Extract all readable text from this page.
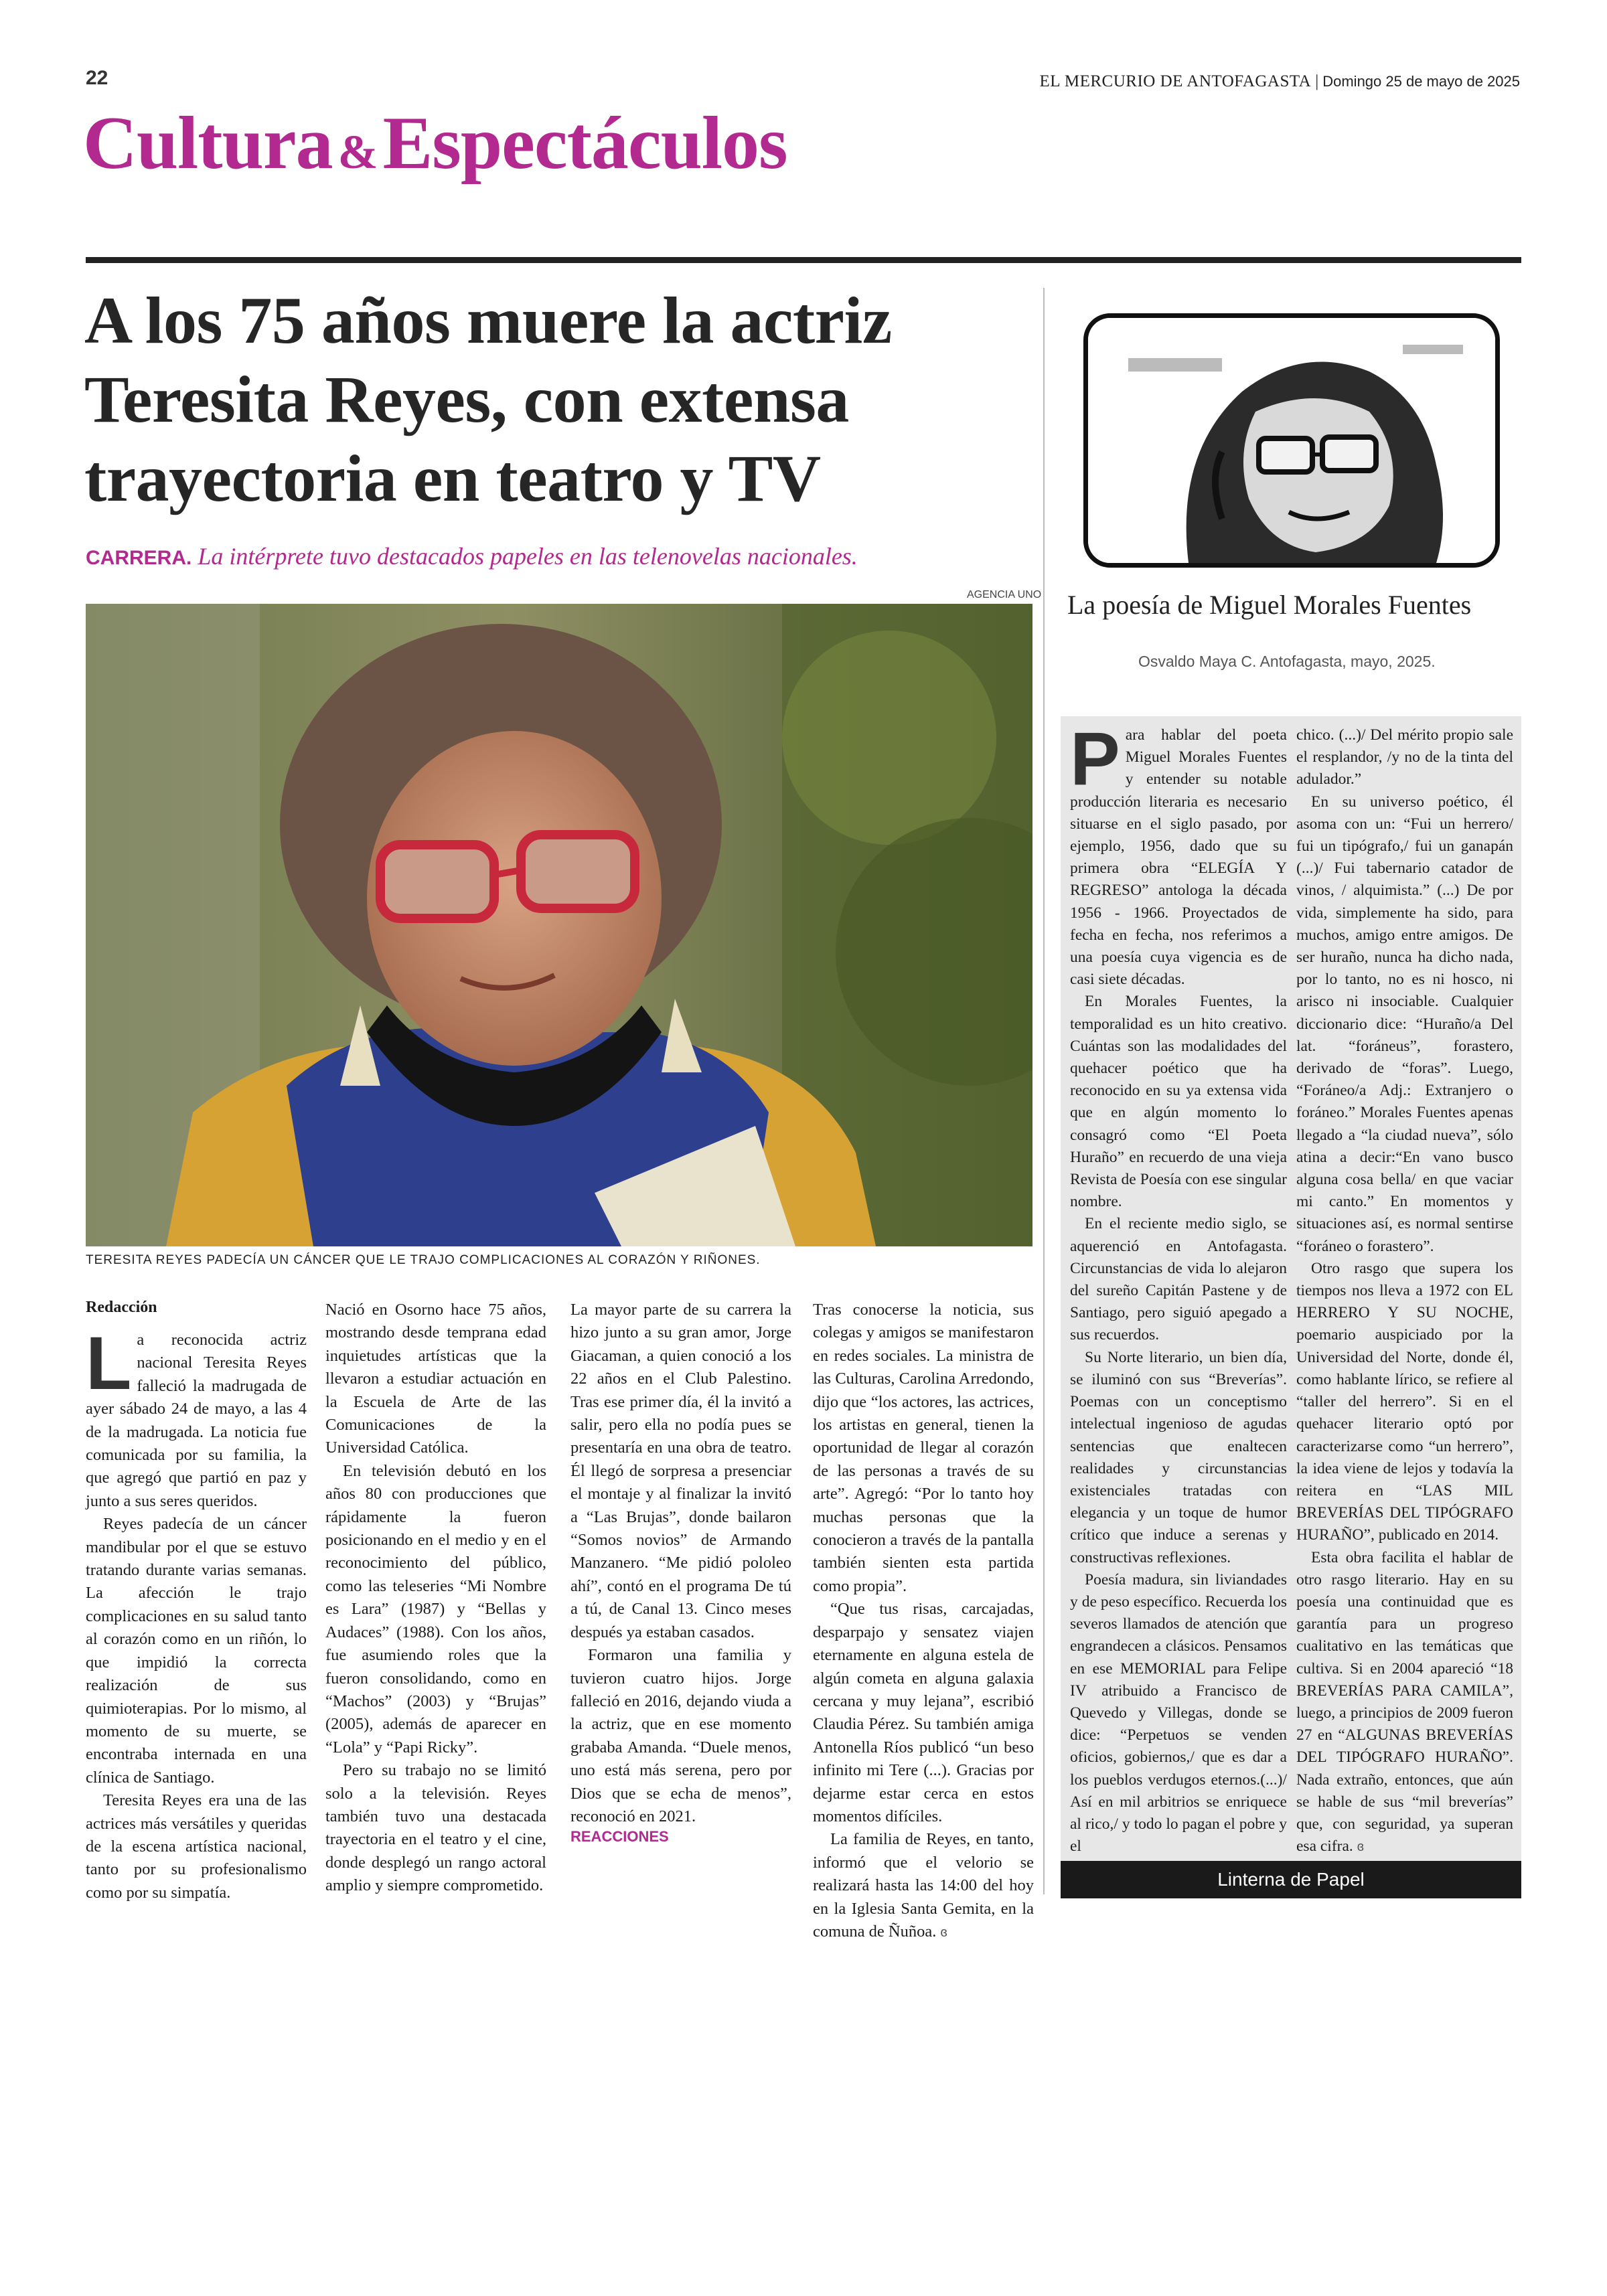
22	EL MERCURIO DE ANTOFAGASTA | Domingo 25 de mayo de 2025
Cultura &Espectáculos
A los 75 años muere la actriz Teresita Reyes, con extensa trayectoria en teatro y TV
CARRERA. La intérprete tuvo destacados papeles en las telenovelas nacionales.
AGENCIA UNO
TERESITA REYES PADECÍA UN CÁNCER QUE LE TRAJO COMPLICACIONES AL CORAZÓN Y RIÑONES.
Redacción

La reconocida actriz nacional Teresita Reyes falleció la madrugada de ayer sábado 24 de mayo, a las 4 de la madrugada. La noticia fue comunicada por su familia, la que agregó que partió en paz y junto a sus seres queridos.

Reyes padecía de un cáncer mandibular por el que se estuvo tratando durante varias semanas. La afección le trajo complicaciones en su salud tanto al corazón como en un riñón, lo que impidió la correcta realización de sus quimioterapias. Por lo mismo, al momento de su muerte, se encontraba internada en una clínica de Santiago.

Teresita Reyes era una de las actrices más versátiles y queridas de la escena artística nacional, tanto por su profesionalismo como por su simpatía.

Nació en Osorno hace 75 años, mostrando desde temprana edad inquietudes artísticas que la llevaron a estudiar actuación en la Escuela de Arte de las Comunicaciones de la Universidad Católica.

En televisión debutó en los años 80 con producciones que rápidamente la fueron posicionando en el medio y en el reconocimiento del público, como las teleseries “Mi Nombre es Lara” (1987) y “Bellas y Audaces” (1988). Con los años, fue asumiendo roles que la fueron consolidando, como en “Machos” (2003) y “Brujas” (2005), además de aparecer en “Lola” y “Papi Ricky”.

Pero su trabajo no se limitó solo a la televisión. Reyes también tuvo una destacada trayectoria en el teatro y el cine, donde desplegó un rango actoral amplio y siempre comprometido.

La mayor parte de su carrera la hizo junto a su gran amor, Jorge Giacaman, a quien conoció a los 22 años en el Club Palestino. Tras ese primer día, él la invitó a salir, pero ella no podía pues se presentaría en una obra de teatro. Él llegó de sorpresa a presenciar el montaje y al finalizar la invitó a “Las Brujas”, donde bailaron “Somos novios” de Armando Manzanero. “Me pidió pololeo ahí”, contó en el programa De tú a tú, de Canal 13. Cinco meses después ya estaban casados.

Formaron una familia y tuvieron cuatro hijos. Jorge falleció en 2016, dejando viuda a la actriz, que en ese momento grababa Amanda. “Duele menos, uno está más serena, pero por Dios que se echa de menos”, reconoció en 2021.

REACCIONES

Tras conocerse la noticia, sus colegas y amigos se manifestaron en redes sociales. La ministra de las Culturas, Carolina Arredondo, dijo que “los actores, las actrices, los artistas en general, tienen la oportunidad de llegar al corazón de las personas a través de su arte”. Agregó: “Por lo tanto hoy muchas personas que la conocieron a través de la pantalla también sienten esta partida como propia”.

“Que tus risas, carcajadas, desparpajo y sensatez viajen eternamente en alguna estela de algún cometa en alguna galaxia cercana y muy lejana”, escribió Claudia Pérez. Su también amiga Antonella Ríos publicó “un beso infinito mi Tere (...). Gracias por dejarme estar cerca en estos momentos difíciles.

La familia de Reyes, en tanto, informó que el velorio se realizará hasta las 14:00 del hoy en la Iglesia Santa Gemita, en la comuna de Ñuñoa. ɞ

La poesía de Miguel Morales Fuentes
Osvaldo Maya C. Antofagasta, mayo, 2025.

Para hablar del poeta Miguel Morales Fuentes y entender su notable producción literaria es necesario situarse en el siglo pasado, por ejemplo, 1956, dado que su primera obra “ELEGÍA Y REGRESO” antologa la década 1956 - 1966. Proyectados de fecha en fecha, nos referimos a una poesía cuya vigencia es de casi siete décadas.

En Morales Fuentes, la temporalidad es un hito creativo. Cuántas son las modalidades del quehacer poético que ha reconocido en su ya extensa vida que en algún momento lo consagró como “El Poeta Huraño” en recuerdo de una vieja Revista de Poesía con ese singular nombre.

En el reciente medio siglo, se aquerenció en Antofagasta. Circunstancias de vida lo alejaron del sureño Capitán Pastene y de Santiago, pero siguió apegado a sus recuerdos.

Su Norte literario, un bien día, se iluminó con sus “Breverías”. Poemas con un conceptismo intelectual ingenioso de agudas sentencias que enaltecen realidades y circunstancias existenciales tratadas con elegancia y un toque de humor crítico que induce a serenas y constructivas reflexiones.

Poesía madura, sin liviandades y de peso específico. Recuerda los severos llamados de atención que engrandecen a clásicos. Pensamos en ese MEMORIAL para Felipe IV atribuido a Francisco de Quevedo y Villegas, donde se dice: “Perpetuos se venden oficios, gobiernos,/ que es dar a los pueblos verdugos eternos.(...)/ Así en mil arbitrios se enriquece al rico,/ y todo lo pagan el pobre y el

chico. (...)/ Del mérito propio sale el resplandor, /y no de la tinta del adulador.”

En su universo poético, él asoma con un: “Fui un herrero/ fui un tipógrafo,/ fui un ganapán (...)/ Fui tabernario catador de vinos, / alquimista.” (...) De por vida, simplemente ha sido, para muchos, amigo entre amigos. De ser huraño, nunca ha dicho nada, por lo tanto, no es ni hosco, ni arisco ni insociable. Cualquier diccionario dice: “Huraño/a Del lat. “foráneus”, forastero, derivado de “foras”. Luego, “Foráneo/a Adj.: Extranjero o foráneo.” Morales Fuentes apenas llegado a “la ciudad nueva”, sólo atina a decir:“En vano busco alguna cosa bella/ en que vaciar mi canto.” En momentos y situaciones así, es normal sentirse “foráneo o forastero”.

Otro rasgo que supera los tiempos nos lleva a 1972 con EL HERRERO Y SU NOCHE, poemario auspiciado por la Universidad del Norte, donde él, como hablante lírico, se refiere al “taller del herrero”. Si en el quehacer literario optó por caracterizarse como “un herrero”, la idea viene de lejos y todavía la reitera en “LAS MIL BREVERÍAS DEL TIPÓGRAFO HURAÑO”, publicado en 2014.

Esta obra facilita el hablar de otro rasgo literario. Hay en su poesía una continuidad que es garantía para un progreso cualitativo en las temáticas que cultiva. Si en 2004 apareció “18 BREVERÍAS PARA CAMILA”, luego, a principios de 2009 fueron 27 en “ALGUNAS BREVERÍAS DEL TIPÓGRAFO HURAÑO”. Nada extraño, entonces, que aún se hable de sus “mil breverías” que, con seguridad, ya superan esa cifra. ɞ

Linterna de Papel
